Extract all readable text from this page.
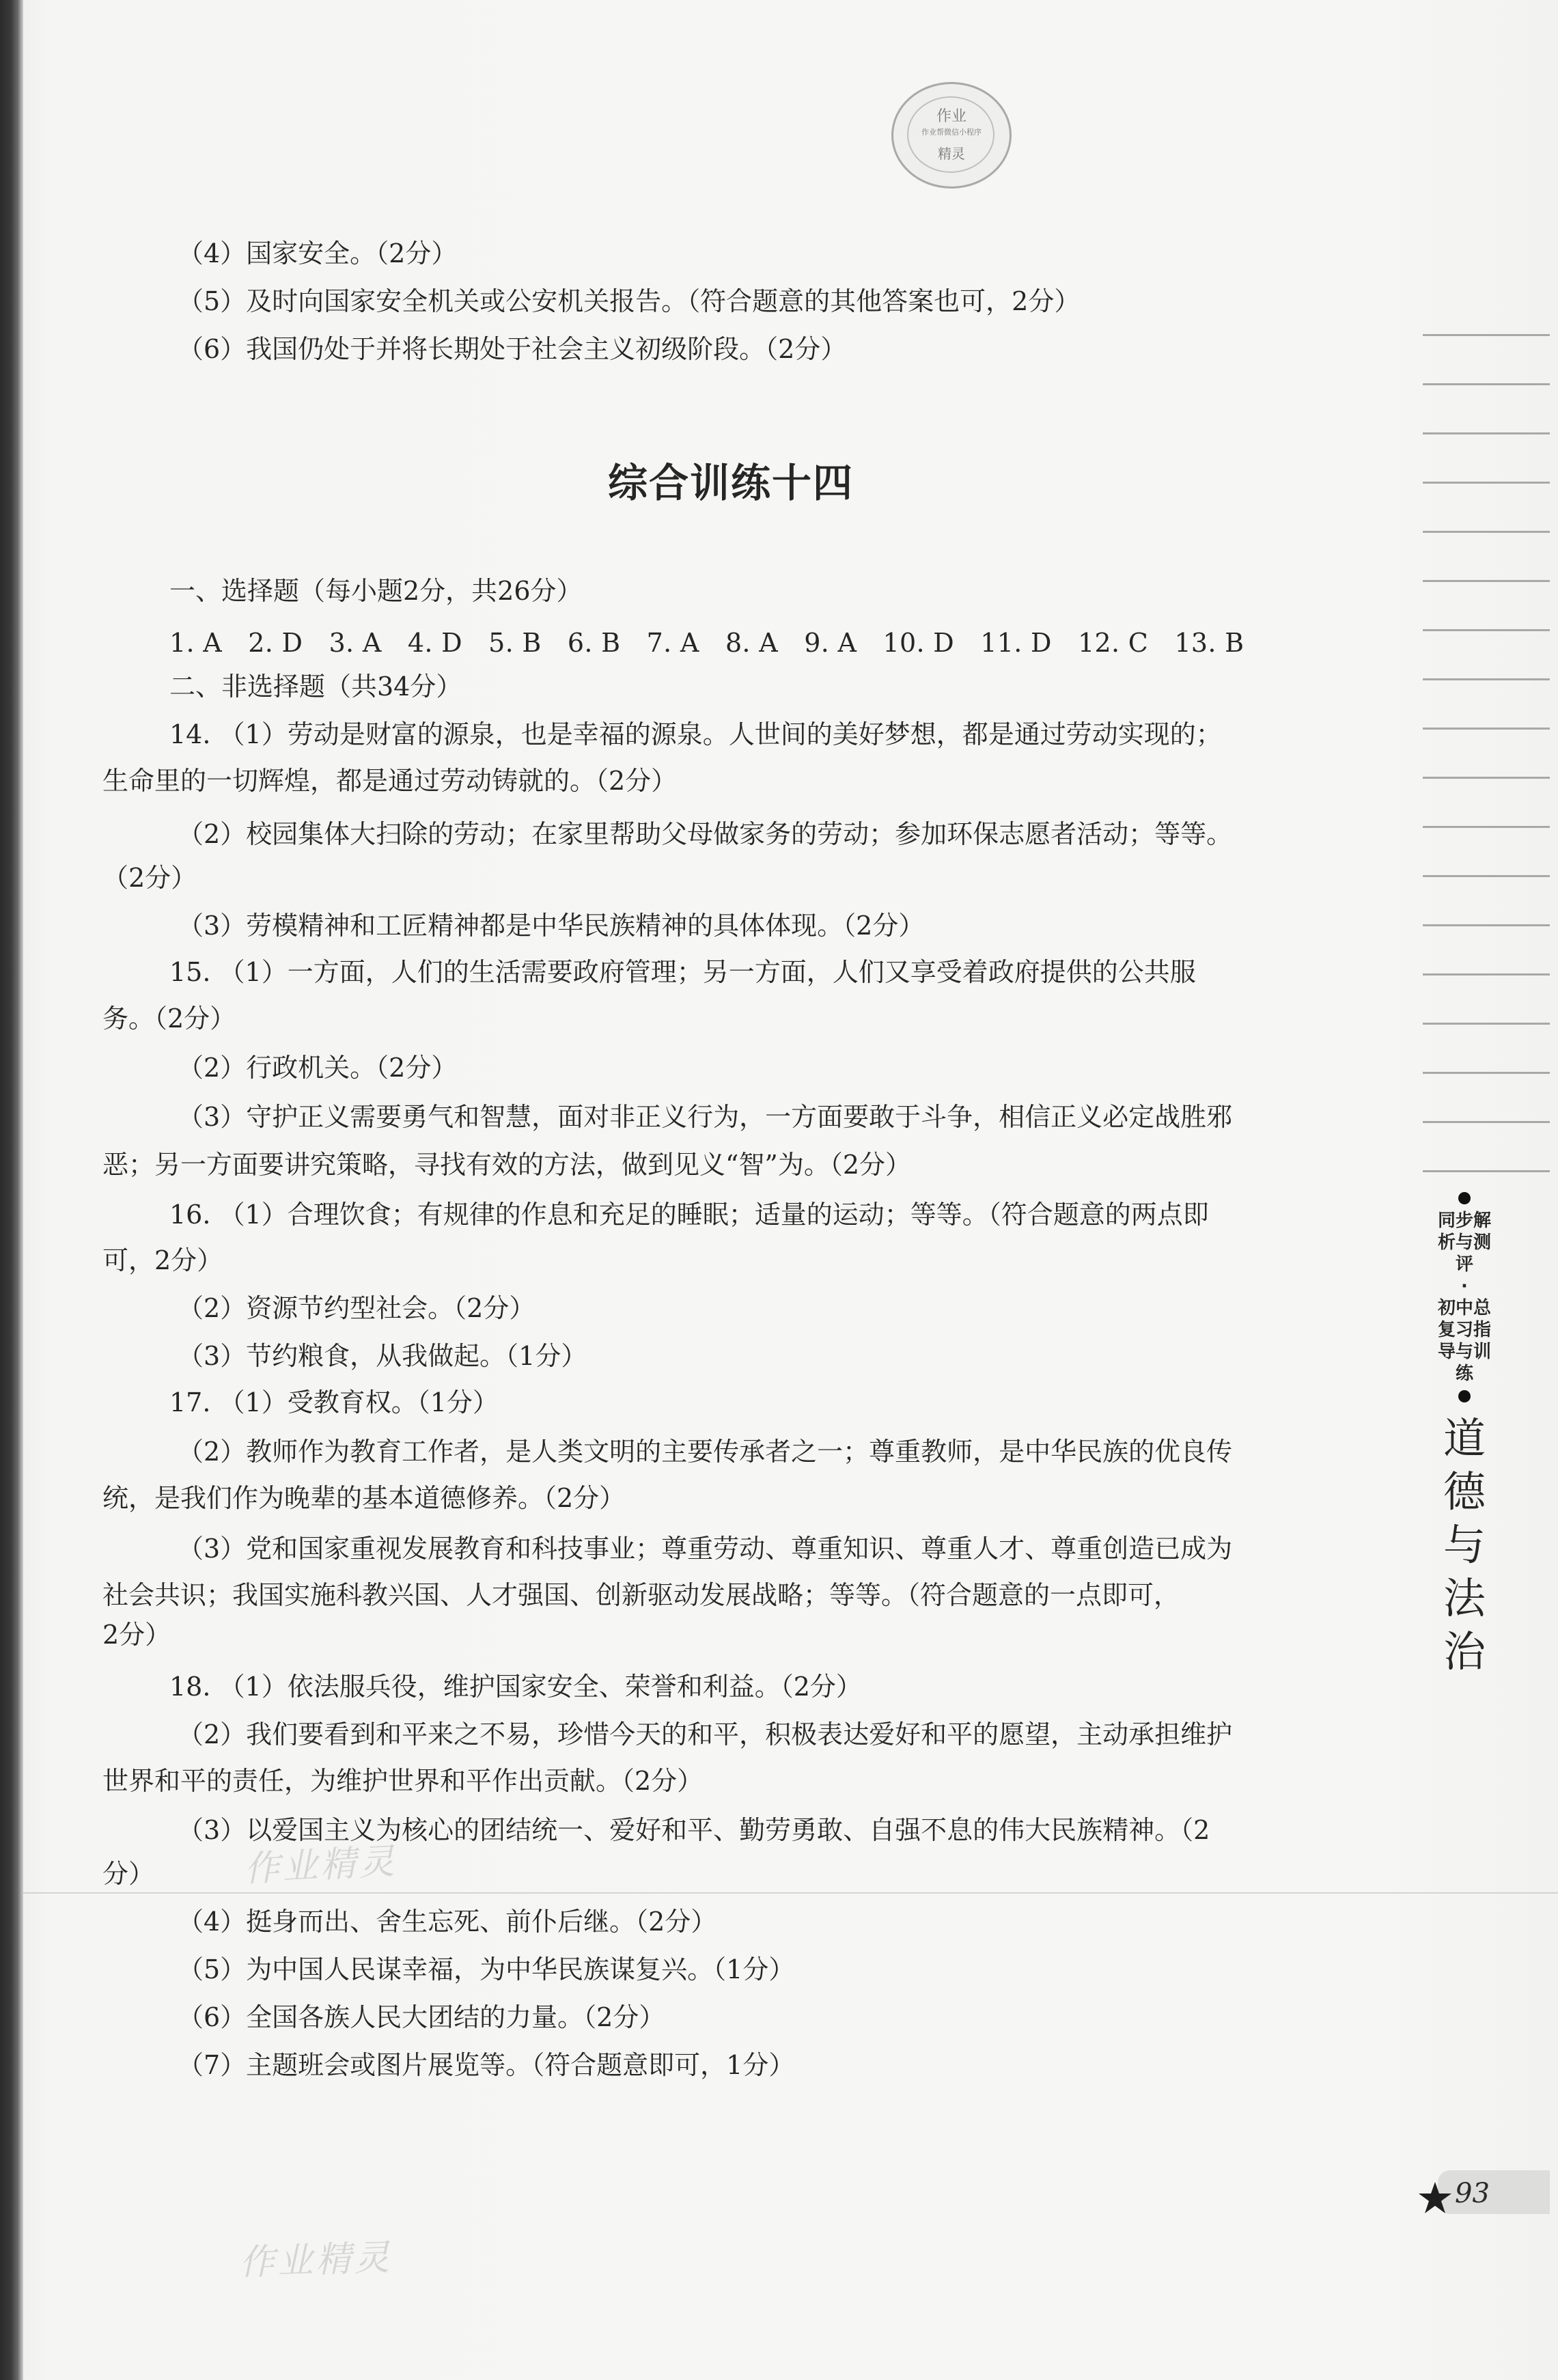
作业
作业帮微信小程序
精灵
（4）国家安全。（2分）
（5）及时向国家安全机关或公安机关报告。（符合题意的其他答案也可，2分）
（6）我国仍处于并将长期处于社会主义初级阶段。（2分）
综合训练十四
一、选择题（每小题2分，共26分）
1. A　2. D　3. A　4. D　5. B　6. B　7. A　8. A　9. A　10. D　11. D　12. C　13. B
二、非选择题（共34分）
14. （1）劳动是财富的源泉，也是幸福的源泉。人世间的美好梦想，都是通过劳动实现的；
生命里的一切辉煌，都是通过劳动铸就的。（2分）
（2）校园集体大扫除的劳动；在家里帮助父母做家务的劳动；参加环保志愿者活动；等等。
（2分）
（3）劳模精神和工匠精神都是中华民族精神的具体体现。（2分）
15. （1）一方面，人们的生活需要政府管理；另一方面，人们又享受着政府提供的公共服
务。（2分）
（2）行政机关。（2分）
（3）守护正义需要勇气和智慧，面对非正义行为，一方面要敢于斗争，相信正义必定战胜邪
恶；另一方面要讲究策略，寻找有效的方法，做到见义“智”为。（2分）
16. （1）合理饮食；有规律的作息和充足的睡眠；适量的运动；等等。（符合题意的两点即
可，2分）
（2）资源节约型社会。（2分）
（3）节约粮食，从我做起。（1分）
17. （1）受教育权。（1分）
（2）教师作为教育工作者，是人类文明的主要传承者之一；尊重教师，是中华民族的优良传
统，是我们作为晚辈的基本道德修养。（2分）
（3）党和国家重视发展教育和科技事业；尊重劳动、尊重知识、尊重人才、尊重创造已成为
社会共识；我国实施科教兴国、人才强国、创新驱动发展战略；等等。（符合题意的一点即可，
2分）
18. （1）依法服兵役，维护国家安全、荣誉和利益。（2分）
（2）我们要看到和平来之不易，珍惜今天的和平，积极表达爱好和平的愿望，主动承担维护
世界和平的责任，为维护世界和平作出贡献。（2分）
（3）以爱国主义为核心的团结统一、爱好和平、勤劳勇敢、自强不息的伟大民族精神。（2
分）
（4）挺身而出、舍生忘死、前仆后继。（2分）
（5）为中国人民谋幸福，为中华民族谋复兴。（1分）
（6）全国各族人民大团结的力量。（2分）
（7）主题班会或图片展览等。（符合题意即可，1分）
同步解析与测评
·
初中总复习指导与训练
道德与法治
作业精灵
作业精灵
93
